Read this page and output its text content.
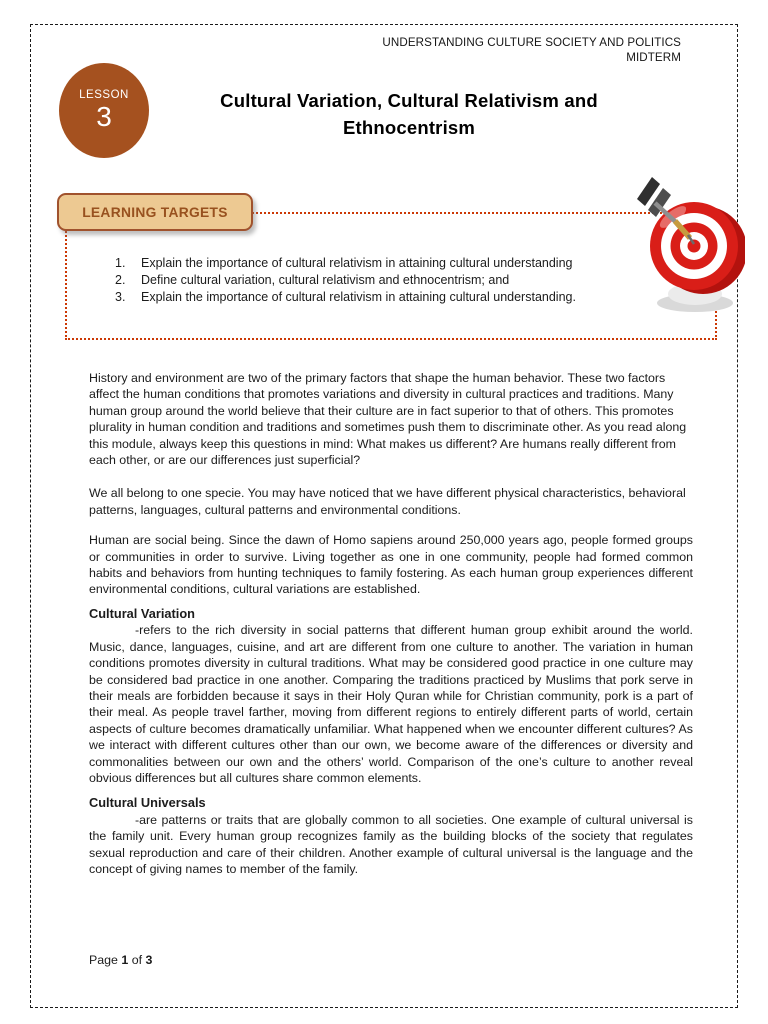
UNDERSTANDING CULTURE SOCIETY AND POLITICS
MIDTERM
LESSON
3
Cultural Variation, Cultural Relativism and
Ethnocentrism
LEARNING TARGETS
1.	Explain the importance of cultural relativism in attaining cultural understanding
2.	Define cultural variation, cultural relativism and ethnocentrism; and
3.	Explain the importance of cultural relativism in attaining cultural understanding.

History and environment are two of the primary factors that shape the human behavior. These two factors affect the human conditions that promotes variations and diversity in cultural practices and traditions. Many human group around the world believe that their culture are in fact superior to that of others. This promotes plurality in human condition and traditions and sometimes push them to discriminate other. As you read along this module, always keep this questions in mind: What makes us different? Are humans really different from each other, or are our differences just superficial?

We all belong to one specie. You may have noticed that we have different physical characteristics, behavioral patterns, languages, cultural patterns and environmental conditions.

Human are social being. Since the dawn of Homo sapiens around 250,000 years ago, people formed groups or communities in order to survive. Living together as one in one community, people had formed common habits and behaviors from hunting techniques to family fostering. As each human group experiences different environmental conditions, cultural variations are established.

Cultural Variation

-refers to the rich diversity in social patterns that different human group exhibit around the world. Music, dance, languages, cuisine, and art are different from one culture to another. The variation in human conditions promotes diversity in cultural traditions. What may be considered good practice in one culture may be considered bad practice in one another. Comparing the traditions practiced by Muslims that pork serve in their meals are forbidden because it says in their Holy Quran while for Christian community, pork is a part of their meal. As people travel farther, moving from different regions to entirely different parts of world, certain aspects of culture becomes dramatically unfamiliar. What happened when we encounter different cultures? As we interact with different cultures other than our own, we become aware of the differences or diversity and commonalities between our own and the others’ world. Comparison of the one’s culture to another reveal obvious differences but all cultures share common elements.

Cultural Universals

-are patterns or traits that are globally common to all societies. One example of cultural universal is the family unit. Every human group recognizes family as the building blocks of the society that regulates sexual reproduction and care of their children. Another example of cultural universal is the language and the concept of giving names to member of the family.

Page 1 of 3
